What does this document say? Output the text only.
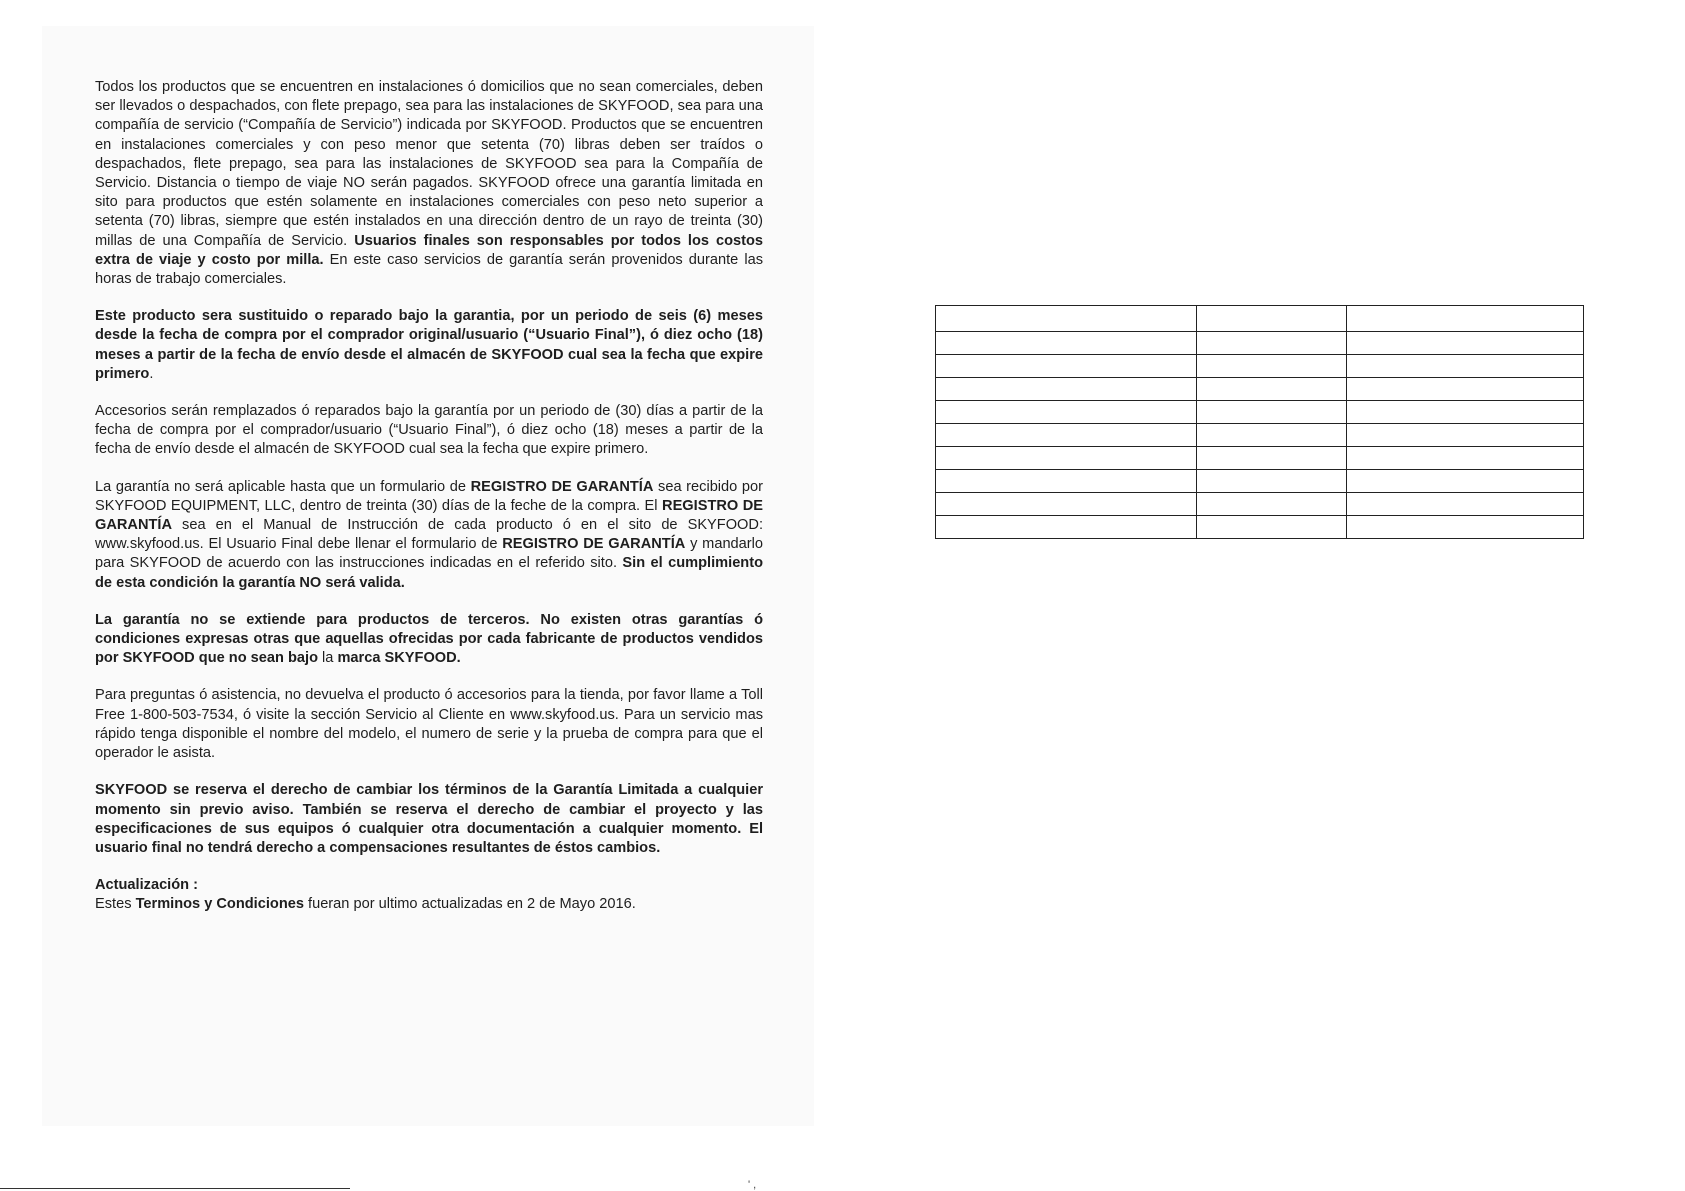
Todos los productos que se encuentren en instalaciones ó domicilios que no sean comerciales, deben ser llevados o despachados, con flete prepago, sea para las instalaciones de SKYFOOD, sea para una compañía de servicio (“Compañía de Servicio”) indicada por SKYFOOD. Productos que se encuentren en instalaciones comerciales y con peso menor que setenta (70) libras deben ser traídos o despachados, flete prepago, sea para las instalaciones de SKYFOOD sea para la Compañía de Servicio. Distancia o tiempo de viaje NO serán pagados. SKYFOOD ofrece una garantía limitada en sito para productos que estén solamente en instalaciones comerciales con peso neto superior a setenta (70) libras, siempre que estén instalados en una dirección dentro de un rayo de treinta (30) millas de una Compañía de Servicio. Usuarios finales son responsables por todos los costos extra de viaje y costo por milla. En este caso servicios de garantía serán provenidos durante las horas de trabajo comerciales.

Este producto sera sustituido o reparado bajo la garantia, por un periodo de seis (6) meses desde la fecha de compra por el comprador original/usuario (“Usuario Final”), ó diez ocho (18) meses a partir de la fecha de envío desde el almacén de SKYFOOD cual sea la fecha que expire primero.

Accesorios serán remplazados ó reparados bajo la garantía por un periodo de (30) días a partir de la fecha de compra por el comprador/usuario (“Usuario Final”), ó diez ocho (18) meses a partir de la fecha de envío desde el almacén de SKYFOOD cual sea la fecha que expire primero.

La garantía no será aplicable hasta que un formulario de REGISTRO DE GARANTÍA sea recibido por SKYFOOD EQUIPMENT, LLC, dentro de treinta (30) días de la feche de la compra. El REGISTRO DE GARANTÍA sea en el Manual de Instrucción de cada producto ó en el sito de SKYFOOD: www.skyfood.us. El Usuario Final debe llenar el formulario de REGISTRO DE GARANTÍA y mandarlo para SKYFOOD de acuerdo con las instrucciones indicadas en el referido sito. Sin el cumplimiento de esta condición la garantía NO será valida.

La garantía no se extiende para productos de terceros. No existen otras garantías ó condiciones expresas otras que aquellas ofrecidas por cada fabricante de productos vendidos por SKYFOOD que no sean bajo la marca SKYFOOD.

Para preguntas ó asistencia, no devuelva el producto ó accesorios para la tienda, por favor llame a Toll Free 1-800-503-7534, ó visite la sección Servicio al Cliente en www.skyfood.us. Para un servicio mas rápido tenga disponible el nombre del modelo, el numero de serie y la prueba de compra para que el operador le asista.

SKYFOOD se reserva el derecho de cambiar los términos de la Garantía Limitada a cualquier momento sin previo aviso. También se reserva el derecho de cambiar el proyecto y las especificaciones de sus equipos ó cualquier otra documentación a cualquier momento. El usuario final no tendrá derecho a compensaciones resultantes de éstos cambios.

Actualización :

Estes Terminos y Condiciones fueran por ultimo actualizadas en 2 de Mayo 2016.

' ,
